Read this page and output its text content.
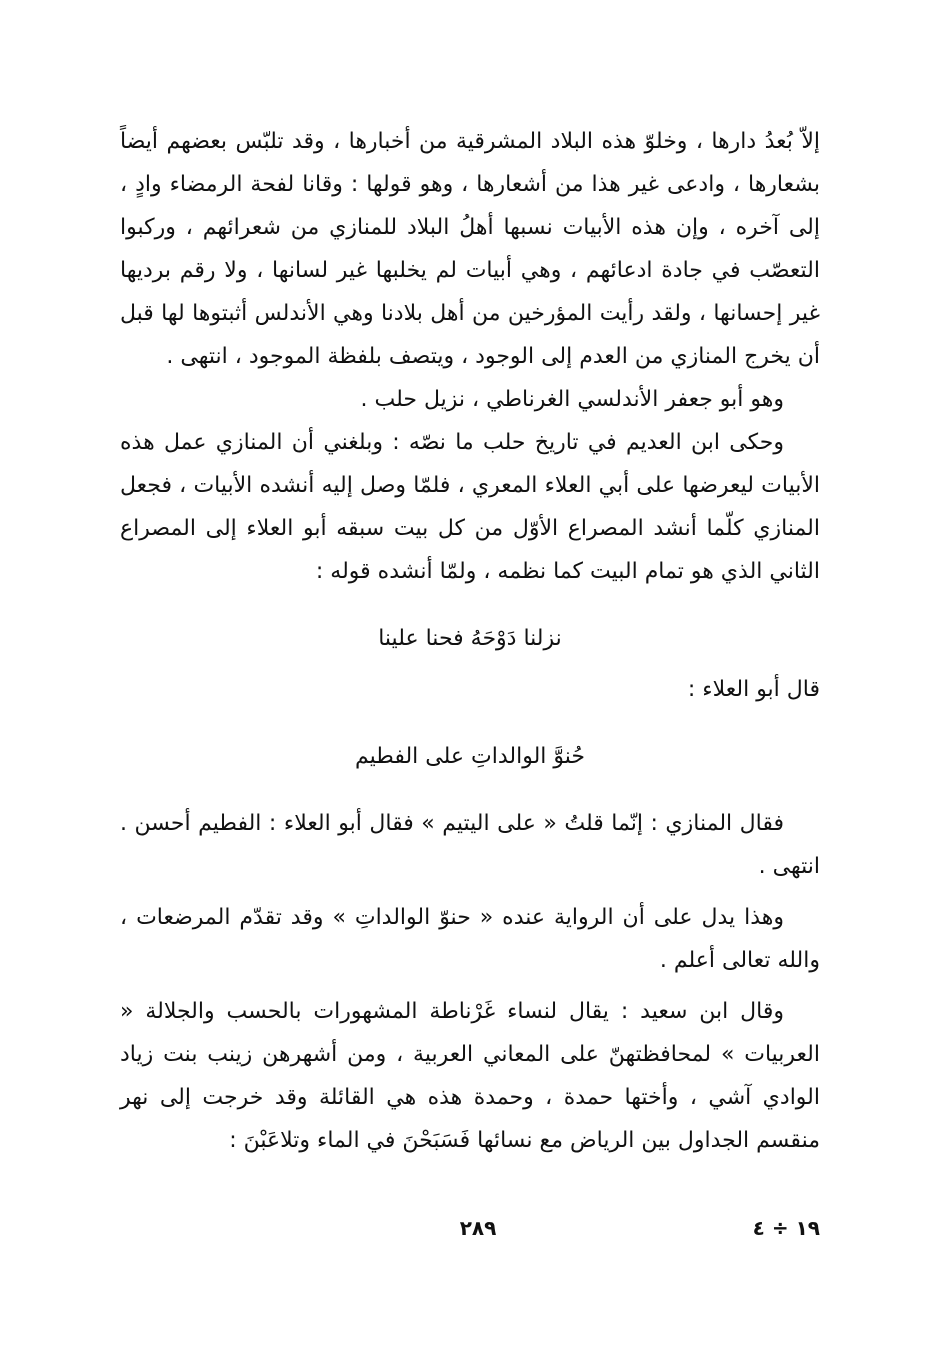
إلاّ بُعدُ دارها ، وخلوّ هذه البلاد المشرقية من أخبارها ، وقد تلبّس بعضهم أيضاً بشعارها ، وادعى غير هذا من أشعارها ، وهو قولها : وقانا لفحة الرمضاء وادٍ ، إلى آخره ، وإن هذه الأبيات نسبها أهلُ البلاد للمنازي من شعرائهم ، وركبوا التعصّب في جادة ادعائهم ، وهي أبيات لم يخلبها غير لسانها ، ولا رقم برديها غير إحسانها ، ولقد رأيت المؤرخين من أهل بلادنا وهي الأندلس أثبتوها لها قبل أن يخرج المنازي من العدم إلى الوجود ، ويتصف بلفظة الموجود ، انتهى .

وهو أبو جعفر الأندلسي الغرناطي ، نزيل حلب .

وحكى ابن العديم في تاريخ حلب ما نصّه : وبلغني أن المنازي عمل هذه الأبيات ليعرضها على أبي العلاء المعري ، فلمّا وصل إليه أنشده الأبيات ، فجعل المنازي كلّما أنشد المصراع الأوّل من كل بيت سبقه أبو العلاء إلى المصراع الثاني الذي هو تمام البيت كما نظمه ، ولمّا أنشده قوله :

نزلنا دَوْحَهُ فحنا علينا

قال أبو العلاء :

حُنوَّ الوالداتِ على الفطيم

فقال المنازي : إنّما قلتُ « على اليتيم » فقال أبو العلاء : الفطيم أحسن . انتهى .

وهذا يدل على أن الرواية عنده « حنوّ الوالداتِ » وقد تقدّم المرضعات ، والله تعالى أعلم .

وقال ابن سعيد : يقال لنساء غَرْناطة المشهورات بالحسب والجلالة « العربيات » لمحافظتهنّ على المعاني العربية ، ومن أشهرهن زينب بنت زياد الوادي آشي ، وأختها حمدة ، وحمدة هذه هي القائلة وقد خرجت إلى نهر منقسم الجداول بين الرياض مع نسائها فَسَبَحْنَ في الماء وتلاعَبْنَ :

٢٨٩	١٩ ÷ ٤
